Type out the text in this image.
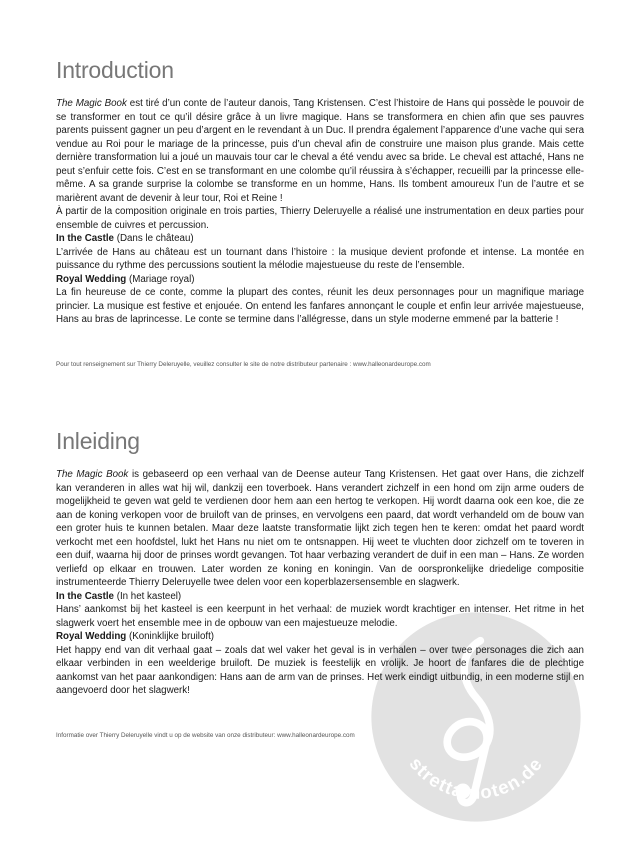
Introduction

The Magic Book est tiré d’un conte de l’auteur danois, Tang Kristensen. C’est l’histoire de Hans qui possède le pouvoir de se transformer en tout ce qu’il désire grâce à un livre magique. Hans se transformera en chien afin que ses pauvres parents puissent gagner un peu d’argent en le revendant à un Duc. Il prendra également l’apparence d’une vache qui sera vendue au Roi pour le mariage de la princesse, puis d’un cheval afin de construire une maison plus grande. Mais cette dernière transformation lui a joué un mauvais tour car le cheval a été vendu avec sa bride. Le cheval est attaché, Hans ne peut s’enfuir cette fois. C’est en se transformant en une colombe qu’il réussira à s’échapper, recueilli par la princesse elle-même. A sa grande surprise la colombe se transforme en un homme, Hans. Ils tombent amoureux l’un de l’autre et se marièrent avant de devenir à leur tour, Roi et Reine !

À partir de la composition originale en trois parties, Thierry Deleruyelle a réalisé une instrumentation en deux parties pour ensemble de cuivres et percussion.

In the Castle (Dans le château)

L’arrivée de Hans au château est un tournant dans l’histoire : la musique devient profonde et intense. La montée en puissance du rythme des percussions soutient la mélodie majestueuse du reste de l’ensemble.

Royal Wedding (Mariage royal)

La fin heureuse de ce conte, comme la plupart des contes, réunit les deux personnages pour un magnifique mariage princier. La musique est festive et enjouée. On entend les fanfares annonçant le couple et enfin leur arrivée majestueuse, Hans au bras de laprincesse. Le conte se termine dans l’allégresse, dans un style moderne emmené par la batterie !

Pour tout renseignement sur Thierry Deleruyelle, veuillez consulter le site de notre distributeur partenaire : www.halleonardeurope.com

Inleiding

The Magic Book is gebaseerd op een verhaal van de Deense auteur Tang Kristensen. Het gaat over Hans, die zichzelf kan veranderen in alles wat hij wil, dankzij een toverboek. Hans verandert zichzelf in een hond om zijn arme ouders de mogelijkheid te geven wat geld te verdienen door hem aan een hertog te verkopen. Hij wordt daarna ook een koe, die ze aan de koning verkopen voor de bruiloft van de prinses, en vervolgens een paard, dat wordt verhandeld om de bouw van een groter huis te kunnen betalen. Maar deze laatste transformatie lijkt zich tegen hen te keren: omdat het paard wordt verkocht met een hoofdstel, lukt het Hans nu niet om te ontsnappen. Hij weet te vluchten door zichzelf om te toveren in een duif, waarna hij door de prinses wordt gevangen. Tot haar verbazing verandert de duif in een man – Hans. Ze worden verliefd op elkaar en trouwen. Later worden ze koning en koningin. Van de oorspronkelijke driedelige compositie instrumenteerde Thierry Deleruyelle twee delen voor een koperblazersensemble en slagwerk.

In the Castle (In het kasteel)

Hans’ aankomst bij het kasteel is een keerpunt in het verhaal: de muziek wordt krachtiger en intenser. Het ritme in het slagwerk voert het ensemble mee in de opbouw van een majestueuze melodie.

Royal Wedding (Koninklijke bruiloft)

Het happy end van dit verhaal gaat – zoals dat wel vaker het geval is in verhalen – over twee personages die zich aan elkaar verbinden in een weelderige bruiloft. De muziek is feestelijk en vrolijk. Je hoort de fanfares die de plechtige aankomst van het paar aankondigen: Hans aan de arm van de prinses. Het werk eindigt uitbundig, in een moderne stijl en aangevoerd door het slagwerk!

Informatie over Thierry Deleruyelle vindt u op de website van onze distributeur: www.halleonardeurope.com

stretta-noten.de
